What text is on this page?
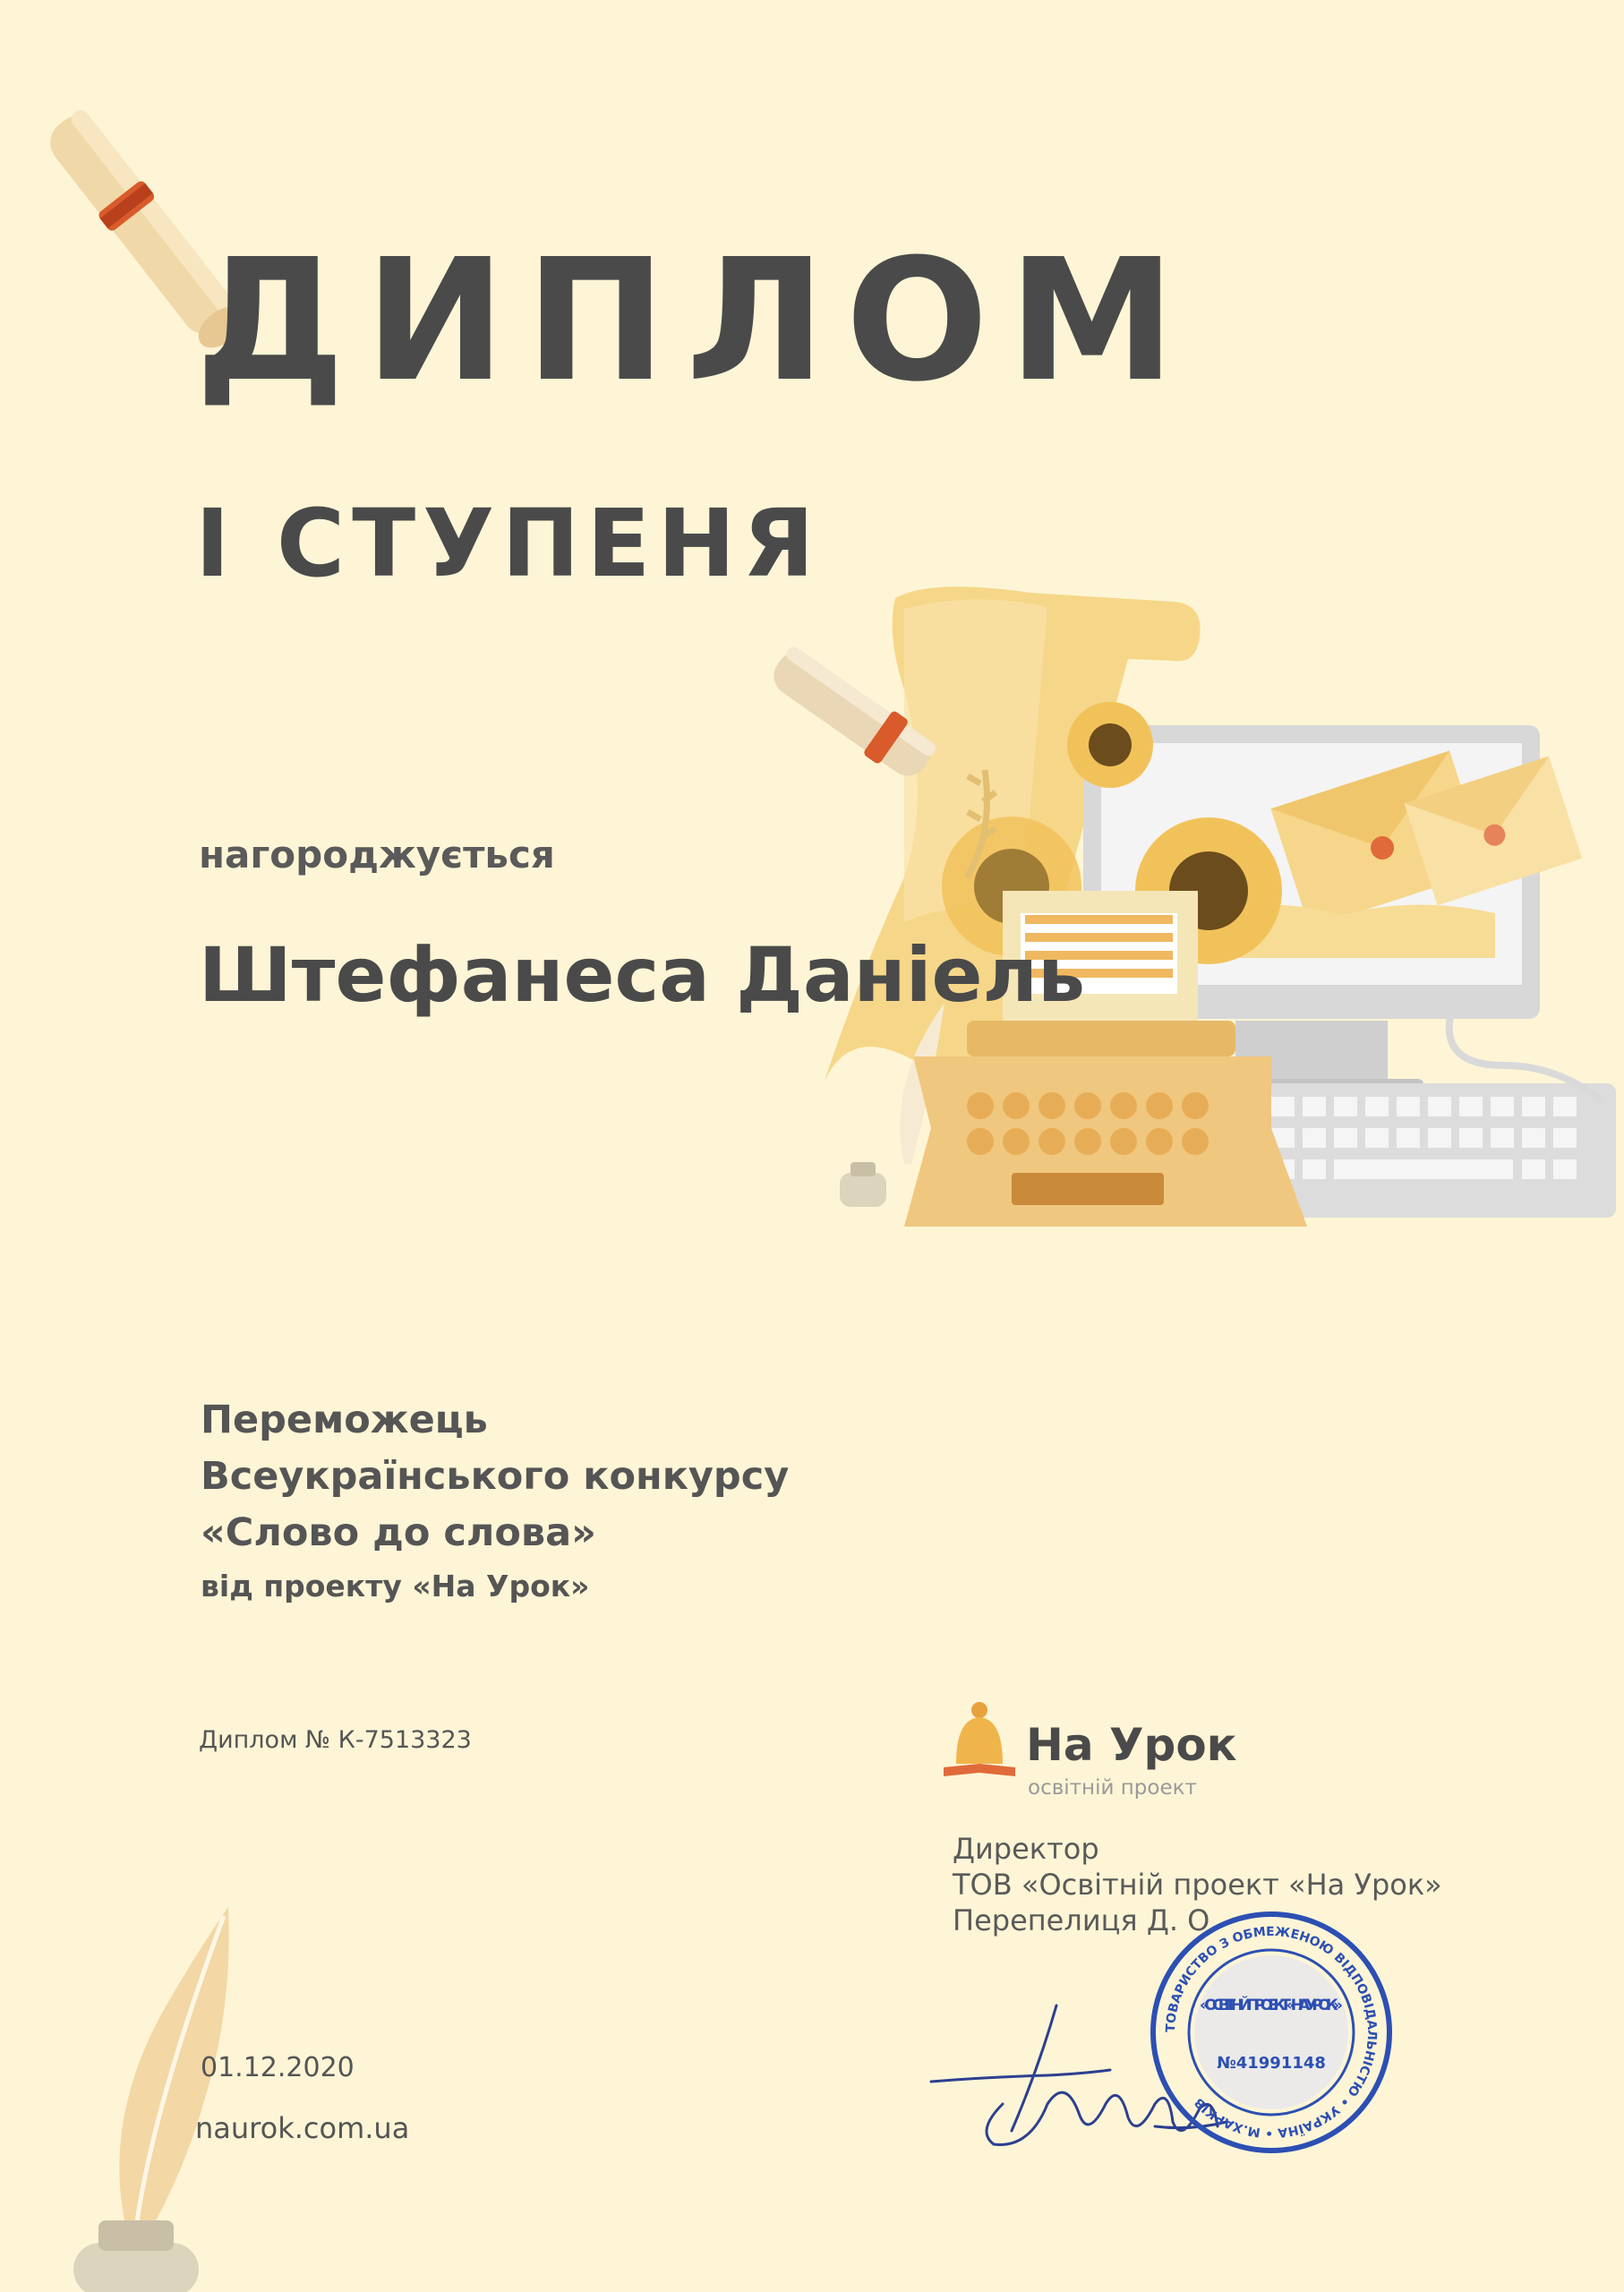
ДИПЛОМ
І СТУПЕНЯ
нагороджується
Штефанеса Даніель
Переможець
Всеукраїнського конкурсу
«Слово до слова»
від проекту «На Урок»
Диплом № К-7513323
01.12.2020
naurok.com.ua
На Урок
освітній проект
Директор
ТОВ «Освітній проект «На Урок»
Перепелиця Д. О.
ТОВАРИСТВО З ОБМЕЖЕНОЮ ВІДПОВІДАЛЬНІСТЮ • УКРАЇНА • М.ХАРКІВ
«ОСВІТНІЙ ПРОЕКТ «НА УРОК»
№41991148
